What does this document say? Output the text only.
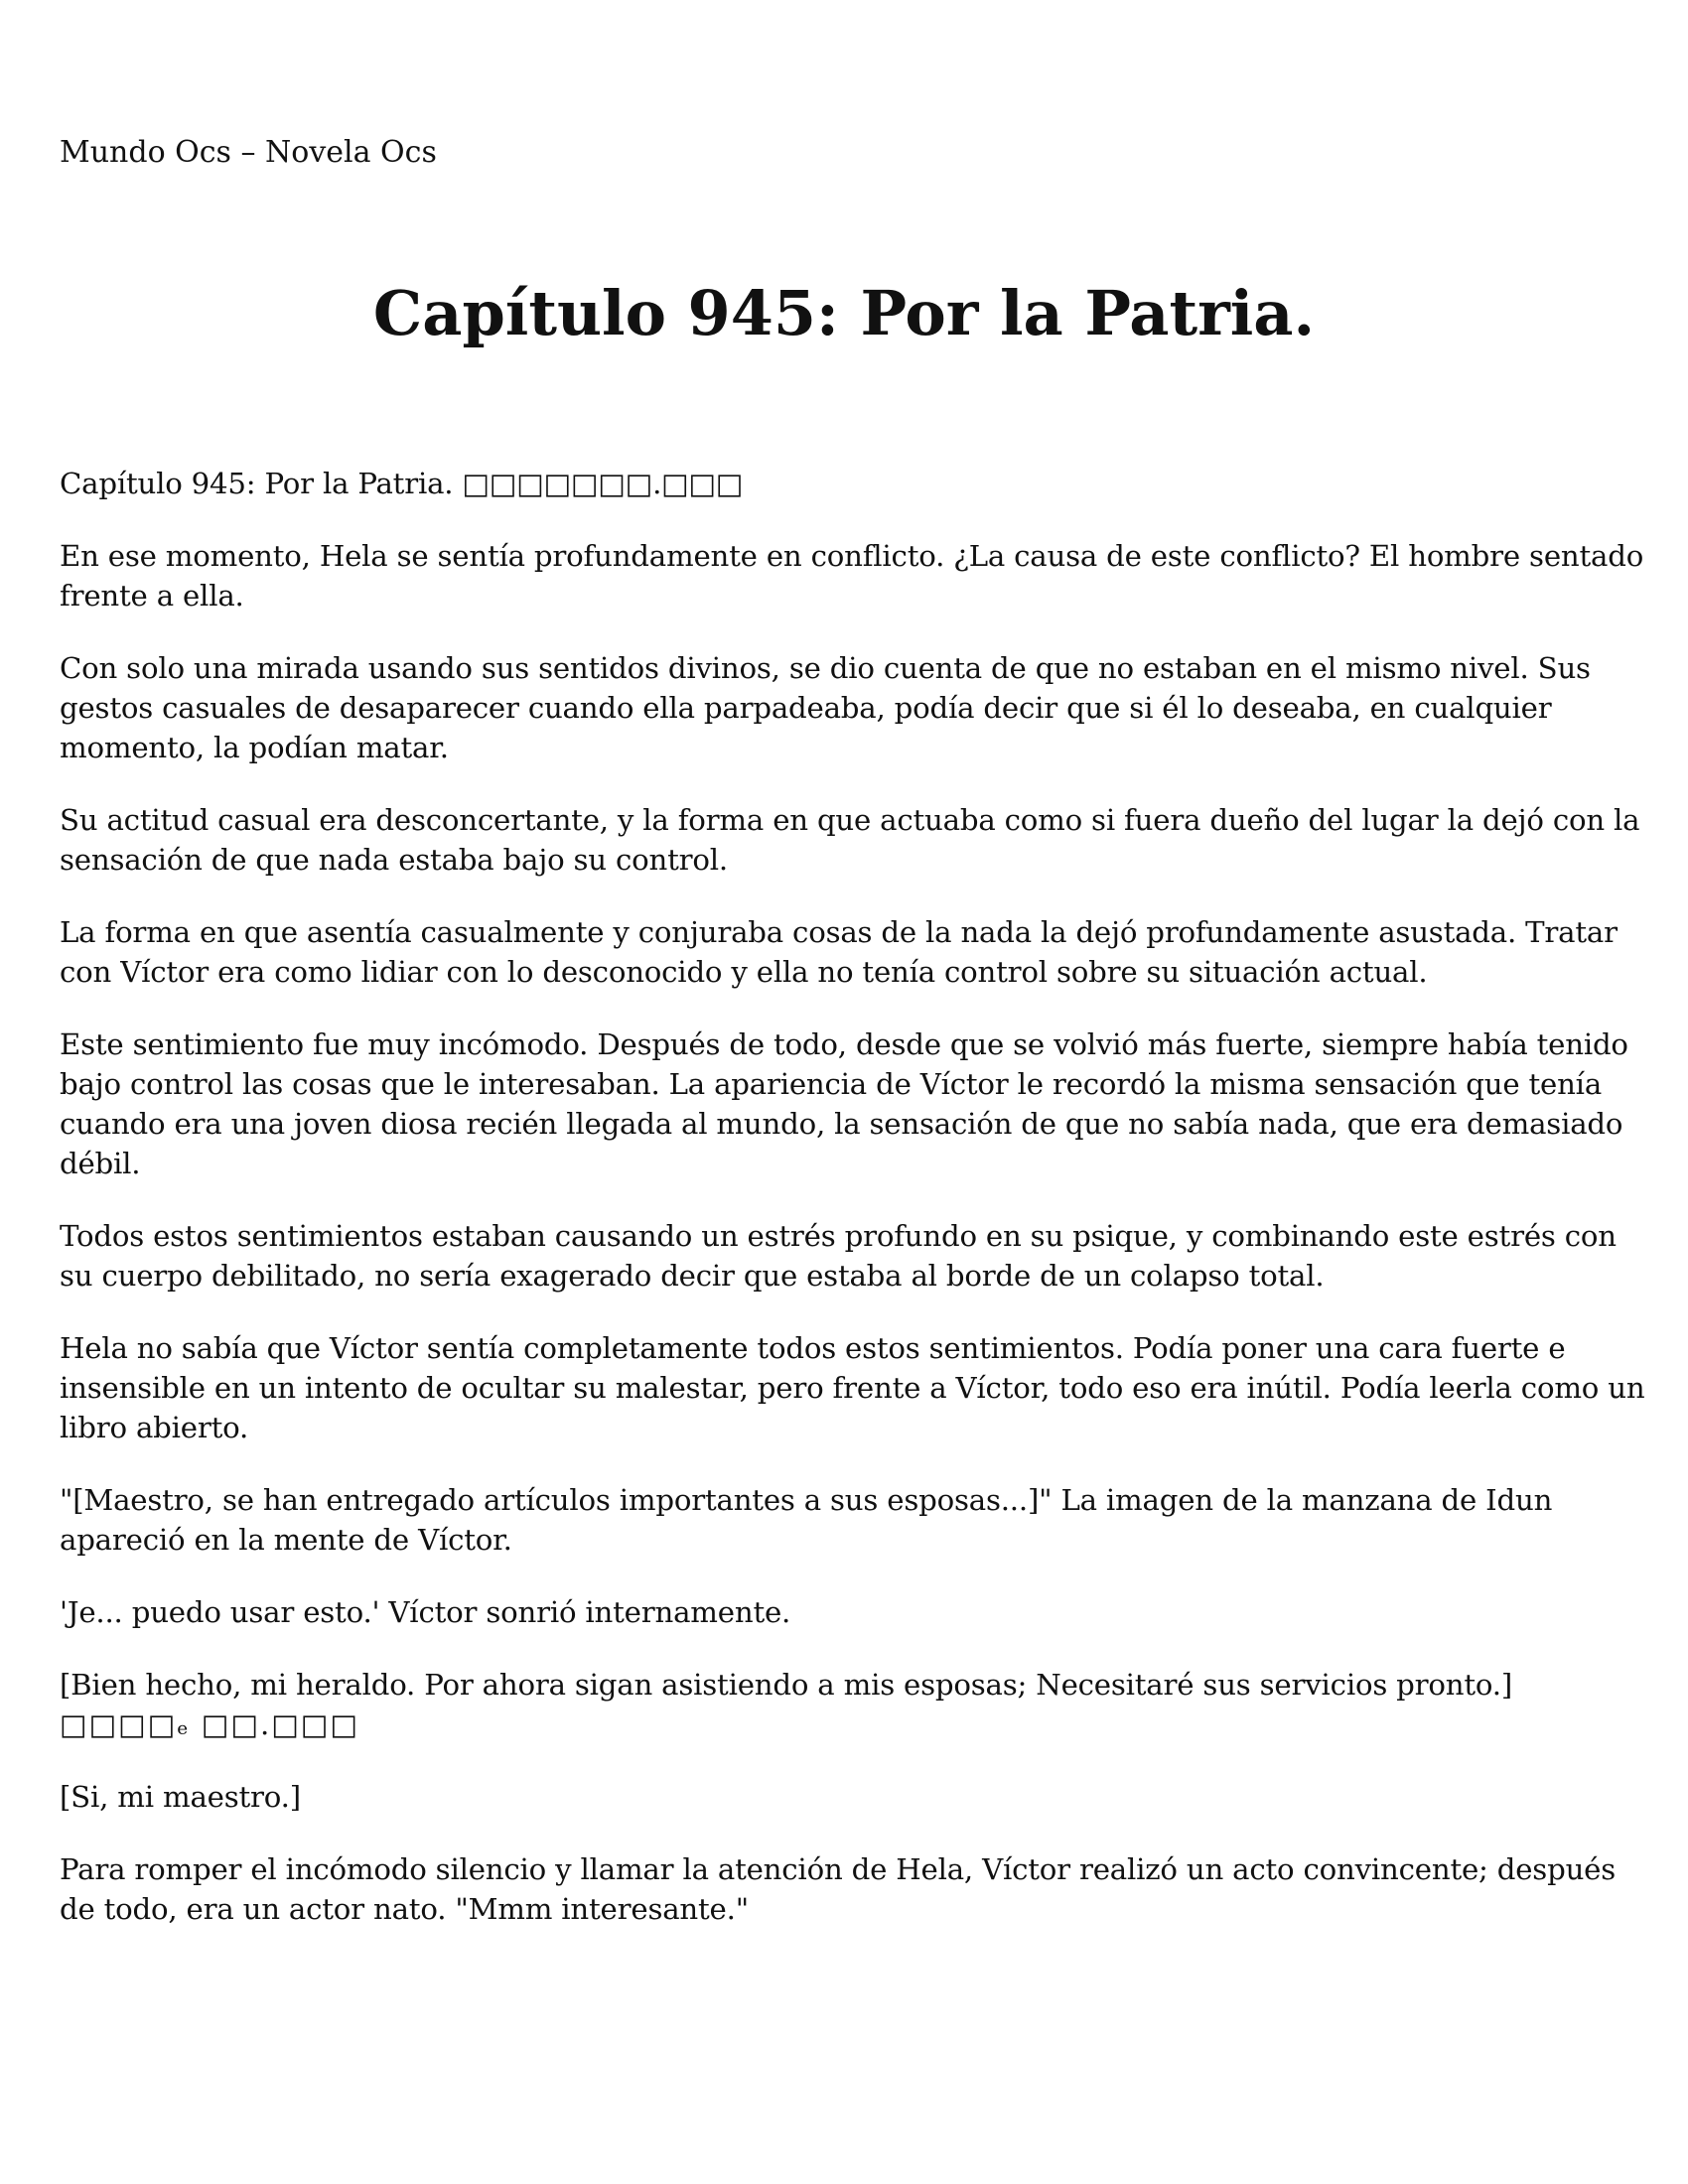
Mundo Ocs – Novela Ocs

Capítulo 945: Por la Patria.

Capítulo 945: Por la Patria. □□□□□□□.□□□

En ese momento, Hela se sentía profundamente en conflicto. ¿La causa de este conflicto? El hombre sentado frente a ella.

Con solo una mirada usando sus sentidos divinos, se dio cuenta de que no estaban en el mismo nivel. Sus gestos casuales de desaparecer cuando ella parpadeaba, podía decir que si él lo deseaba, en cualquier momento, la podían matar.

Su actitud casual era desconcertante, y la forma en que actuaba como si fuera dueño del lugar la dejó con la sensación de que nada estaba bajo su control.

La forma en que asentía casualmente y conjuraba cosas de la nada la dejó profundamente asustada. Tratar con Víctor era como lidiar con lo desconocido y ella no tenía control sobre su situación actual.

Este sentimiento fue muy incómodo. Después de todo, desde que se volvió más fuerte, siempre había tenido bajo control las cosas que le interesaban. La apariencia de Víctor le recordó la misma sensación que tenía cuando era una joven diosa recién llegada al mundo, la sensación de que no sabía nada, que era demasiado débil.

Todos estos sentimientos estaban causando un estrés profundo en su psique, y combinando este estrés con su cuerpo debilitado, no sería exagerado decir que estaba al borde de un colapso total.

Hela no sabía que Víctor sentía completamente todos estos sentimientos. Podía poner una cara fuerte e insensible en un intento de ocultar su malestar, pero frente a Víctor, todo eso era inútil. Podía leerla como un libro abierto.

"[Maestro, se han entregado artículos importantes a sus esposas...]" La imagen de la manzana de Idun apareció en la mente de Víctor.

'Je... puedo usar esto.' Víctor sonrió internamente.

[Bien hecho, mi heraldo. Por ahora sigan asistiendo a mis esposas; Necesitaré sus servicios pronto.]
□□□□ₑ □□.□□□

[Si, mi maestro.]

Para romper el incómodo silencio y llamar la atención de Hela, Víctor realizó un acto convincente; después de todo, era un actor nato. "Mmm interesante."
